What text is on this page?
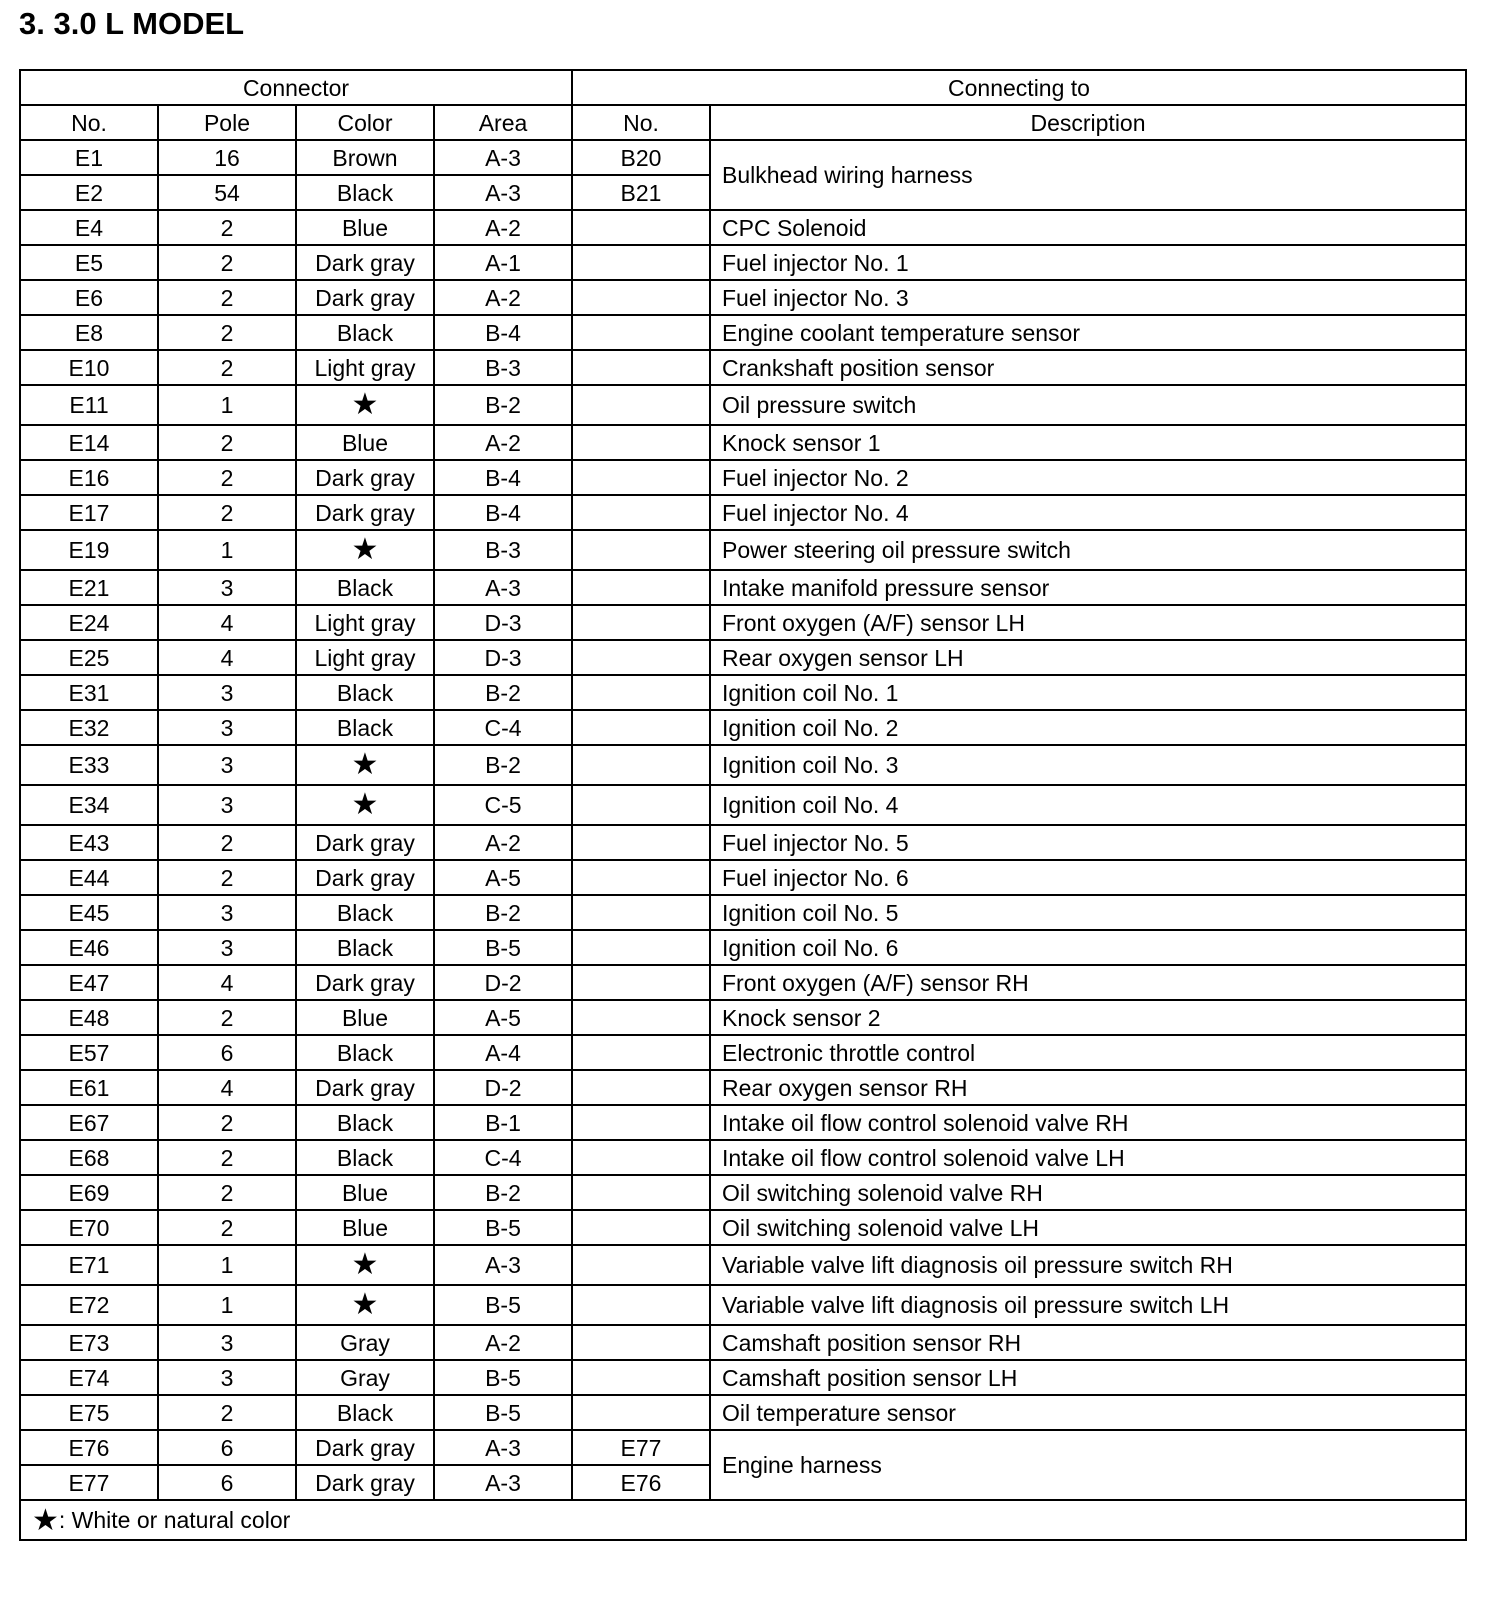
3. 3.0 L MODEL
Connector				Connecting to	
No.	Pole	Color	Area	No.	Description
E1	16	Brown	A-3	B20	Bulkhead wiring harness
E2	54	Black	A-3	B21	
E4	2	Blue	A-2		CPC Solenoid
E5	2	Dark gray	A-1		Fuel injector No. 1
E6	2	Dark gray	A-2		Fuel injector No. 3
E8	2	Black	B-4		Engine coolant temperature sensor
E10	2	Light gray	B-3		Crankshaft position sensor
E11	1	★	B-2		Oil pressure switch
E14	2	Blue	A-2		Knock sensor 1
E16	2	Dark gray	B-4		Fuel injector No. 2
E17	2	Dark gray	B-4		Fuel injector No. 4
E19	1	★	B-3		Power steering oil pressure switch
E21	3	Black	A-3		Intake manifold pressure sensor
E24	4	Light gray	D-3		Front oxygen (A/F) sensor LH
E25	4	Light gray	D-3		Rear oxygen sensor LH
E31	3	Black	B-2		Ignition coil No. 1
E32	3	Black	C-4		Ignition coil No. 2
E33	3	★	B-2		Ignition coil No. 3
E34	3	★	C-5		Ignition coil No. 4
E43	2	Dark gray	A-2		Fuel injector No. 5
E44	2	Dark gray	A-5		Fuel injector No. 6
E45	3	Black	B-2		Ignition coil No. 5
E46	3	Black	B-5		Ignition coil No. 6
E47	4	Dark gray	D-2		Front oxygen (A/F) sensor RH
E48	2	Blue	A-5		Knock sensor 2
E57	6	Black	A-4		Electronic throttle control
E61	4	Dark gray	D-2		Rear oxygen sensor RH
E67	2	Black	B-1		Intake oil flow control solenoid valve RH
E68	2	Black	C-4		Intake oil flow control solenoid valve LH
E69	2	Blue	B-2		Oil switching solenoid valve RH
E70	2	Blue	B-5		Oil switching solenoid valve LH
E71	1	★	A-3		Variable valve lift diagnosis oil pressure switch RH
E72	1	★	B-5		Variable valve lift diagnosis oil pressure switch LH
E73	3	Gray	A-2		Camshaft position sensor RH
E74	3	Gray	B-5		Camshaft position sensor LH
E75	2	Black	B-5		Oil temperature sensor
E76	6	Dark gray	A-3	E77	Engine harness
E77	6	Dark gray	A-3	E76	
★: White or natural color					
